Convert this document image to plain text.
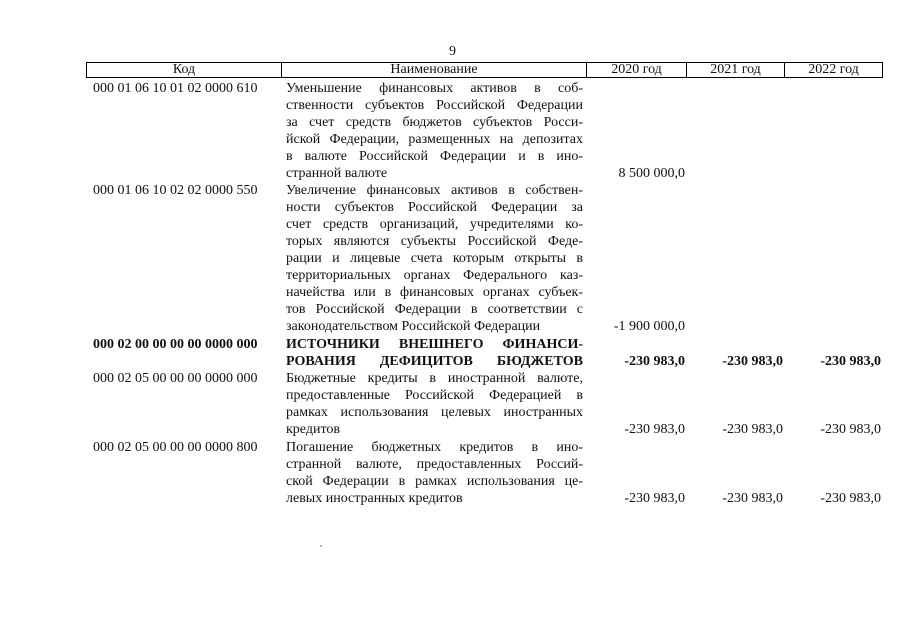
9
Код	Наименование	2020 год	2021 год	2022 год
000 01 06 10 01 02 0000 610	Уменьшение финансовых активов в соб-
ственности субъектов Российской Федерации
за счет средств бюджетов субъектов Росси-
йской Федерации, размещенных на депозитах
в валюте Российской Федерации и в ино-
странной валюте	8 500 000,0
000 01 06 10 02 02 0000 550	Увеличение финансовых активов в собствен-
ности субъектов Российской Федерации за
счет средств организаций, учредителями ко-
торых являются субъекты Российской Феде-
рации и лицевые счета которым открыты в
территориальных органах Федерального каз-
начейства или в финансовых органах субъек-
тов Российской Федерации в соответствии с
законодательством Российской Федерации	-1 900 000,0
000 02 00 00 00 00 0000 000	ИСТОЧНИКИ ВНЕШНЕГО ФИНАНСИ-
РОВАНИЯ ДЕФИЦИТОВ БЮДЖЕТОВ	-230 983,0	-230 983,0	-230 983,0
000 02 05 00 00 00 0000 000	Бюджетные кредиты в иностранной валюте,
предоставленные Российской Федерацией в
рамках использования целевых иностранных
кредитов	-230 983,0	-230 983,0	-230 983,0
000 02 05 00 00 00 0000 800	Погашение бюджетных кредитов в ино-
странной валюте, предоставленных Россий-
ской Федерации в рамках использования це-
левых иностранных кредитов	-230 983,0	-230 983,0	-230 983,0
